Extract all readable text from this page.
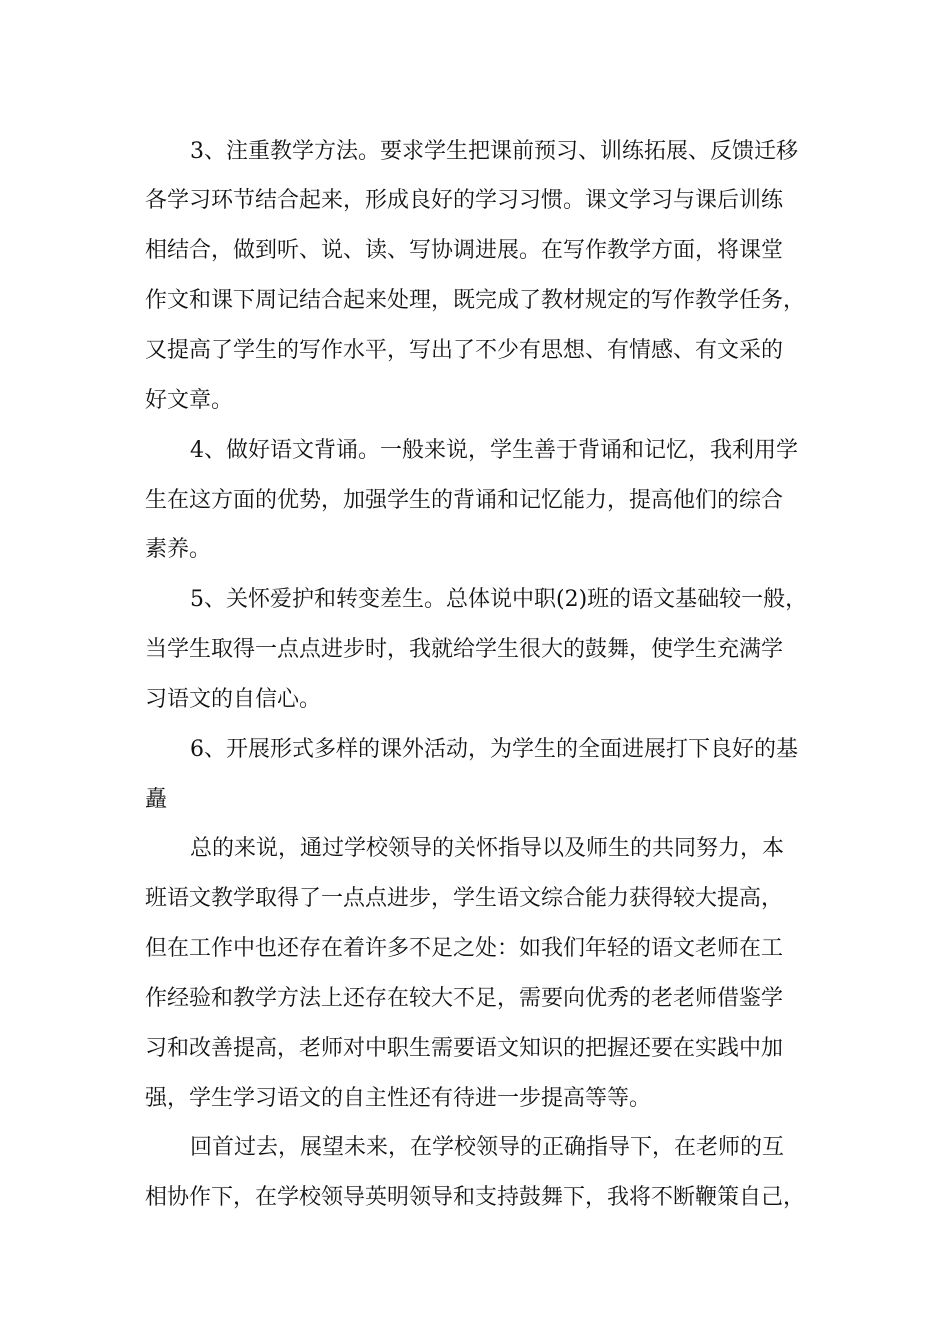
3、注重教学方法。要求学生把课前预习、训练拓展、反馈迁移

各学习环节结合起来，形成良好的学习习惯。课文学习与课后训练

相结合，做到听、说、读、写协调进展。在写作教学方面，将课堂

作文和课下周记结合起来处理，既完成了教材规定的写作教学任务，

又提高了学生的写作水平，写出了不少有思想、有情感、有文采的

好文章。

4、做好语文背诵。一般来说，学生善于背诵和记忆，我利用学

生在这方面的优势，加强学生的背诵和记忆能力，提高他们的综合

素养。

5、关怀爱护和转变差生。总体说中职(2)班的语文基础较一般，

当学生取得一点点进步时，我就给学生很大的鼓舞，使学生充满学

习语文的自信心。

6、开展形式多样的课外活动，为学生的全面进展打下良好的基

矗

总的来说，通过学校领导的关怀指导以及师生的共同努力，本

班语文教学取得了一点点进步，学生语文综合能力获得较大提高，

但在工作中也还存在着许多不足之处：如我们年轻的语文老师在工

作经验和教学方法上还存在较大不足，需要向优秀的老老师借鉴学

习和改善提高，老师对中职生需要语文知识的把握还要在实践中加

强，学生学习语文的自主性还有待进一步提高等等。

回首过去，展望未来，在学校领导的正确指导下，在老师的互

相协作下，在学校领导英明领导和支持鼓舞下，我将不断鞭策自己，
